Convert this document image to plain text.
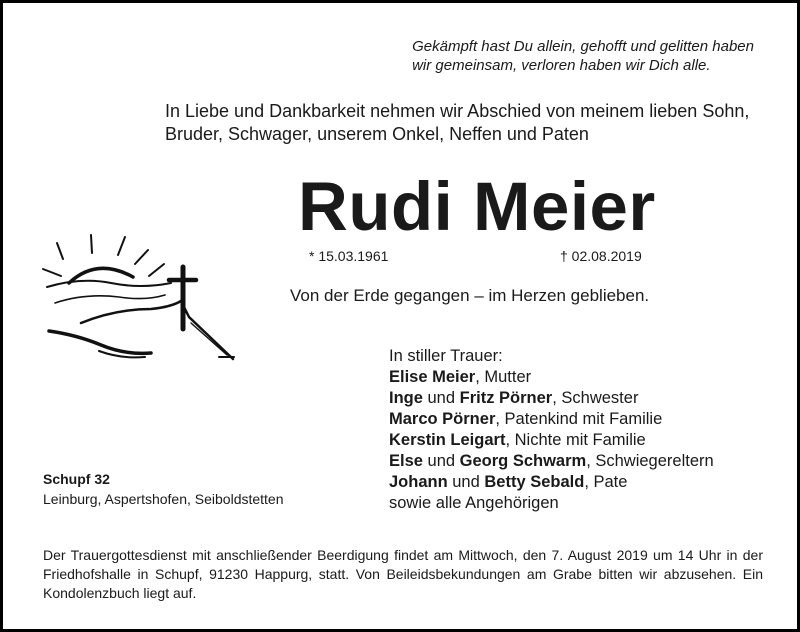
Gekämpft hast Du allein, gehofft und gelitten haben
wir gemeinsam, verloren haben wir Dich alle.
In Liebe und Dankbarkeit nehmen wir Abschied von meinem lieben Sohn,
Bruder, Schwager, unserem Onkel, Neffen und Paten
Rudi Meier
* 15.03.1961	† 02.08.2019
Von der Erde gegangen – im Herzen geblieben.
In stiller Trauer:
Elise Meier, Mutter
Inge und Fritz Pörner, Schwester
Marco Pörner, Patenkind mit Familie
Kerstin Leigart, Nichte mit Familie
Else und Georg Schwarm, Schwiegereltern
Johann und Betty Sebald, Pate
sowie alle Angehörigen
Schupf 32
Leinburg, Aspertshofen, Seiboldstetten
Der Trauergottesdienst mit anschließender Beerdigung findet am Mittwoch, den 7. August 2019 um 14 Uhr in der Friedhofshalle in Schupf, 91230 Happurg, statt. Von Beileidsbekundungen am Grabe bitten wir abzusehen. Ein Kondolenzbuch liegt auf.
